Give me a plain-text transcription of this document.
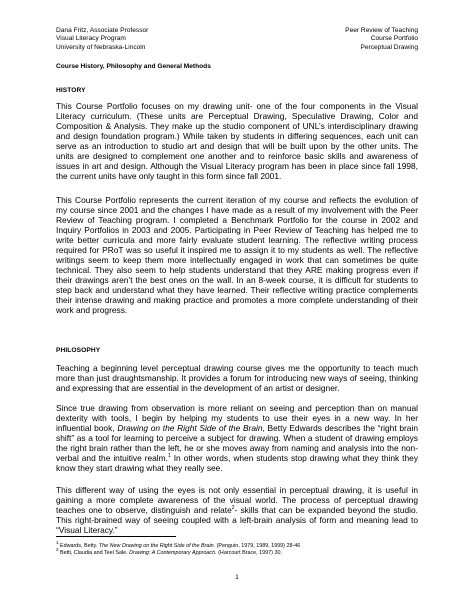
Dana Fritz, Associate Professor
Visual Literacy Program
University of Nebraska-Lincoln
Peer Review of Teaching
Course Portfolio
Perceptual Drawing
Course History, Philosophy and General Methods
HISTORY
This Course Portfolio focuses on my drawing unit- one of the four components in the Visual Literacy curriculum. (These units are Perceptual Drawing, Speculative Drawing, Color and Composition & Analysis. They make up the studio component of UNL’s interdisciplinary drawing and design foundation program.) While taken by students in differing sequences, each unit can serve as an introduction to studio art and design that will be built upon by the other units. The units are designed to complement one another and to reinforce basic skills and awareness of issues in art and design. Although the Visual Literacy program has been in place since fall 1998, the current units have only taught in this form since fall 2001.
This Course Portfolio represents the current iteration of my course and reflects the evolution of my course since 2001 and the changes I have made as a result of my involvement with the Peer Review of Teaching program. I completed a Benchmark Portfolio for the course in 2002 and Inquiry Portfolios in 2003 and 2005. Participating in Peer Review of Teaching has helped me to write better curricula and more fairly evaluate student learning. The reflective writing process required for PRoT was so useful it inspired me to assign it to my students as well. The reflective writings seem to keep them more intellectually engaged in work that can sometimes be quite technical. They also seem to help students understand that they ARE making progress even if their drawings aren’t the best ones on the wall. In an 8-week course, it is difficult for students to step back and understand what they have learned. Their reflective writing practice complements their intense drawing and making practice and promotes a more complete understanding of their work and progress.
PHILOSOPHY
Teaching a beginning level perceptual drawing course gives me the opportunity to teach much more than just draughtsmanship. It provides a forum for introducing new ways of seeing, thinking and expressing that are essential in the development of an artist or designer.
Since true drawing from observation is more reliant on seeing and perception than on manual dexterity with tools, I begin by helping my students to use their eyes in a new way. In her influential book, Drawing on the Right Side of the Brain, Betty Edwards describes the “right brain shift” as a tool for learning to perceive a subject for drawing. When a student of drawing employs the right brain rather than the left, he or she moves away from naming and analysis into the non-verbal and the intuitive realm.$^1$ In other words, when students stop drawing what they think they know they start drawing what they really see.
This different way of using the eyes is not only essential in perceptual drawing, it is useful in gaining a more complete awareness of the visual world. The process of perceptual drawing teaches one to observe, distinguish and relate$^2$- skills that can be expanded beyond the studio. This right-brained way of seeing coupled with a left-brain analysis of form and meaning lead to “Visual Literacy.”
$^1$ Edwards, Betty. The New Drawing on the Right Side of the Brain. (Penguin, 1979, 1989, 1999) 28-46
$^2$ Betti, Claudia and Teel Sale. Drawing: A Contemporary Approach. (Harcourt Brace, 1997) 30.
1
